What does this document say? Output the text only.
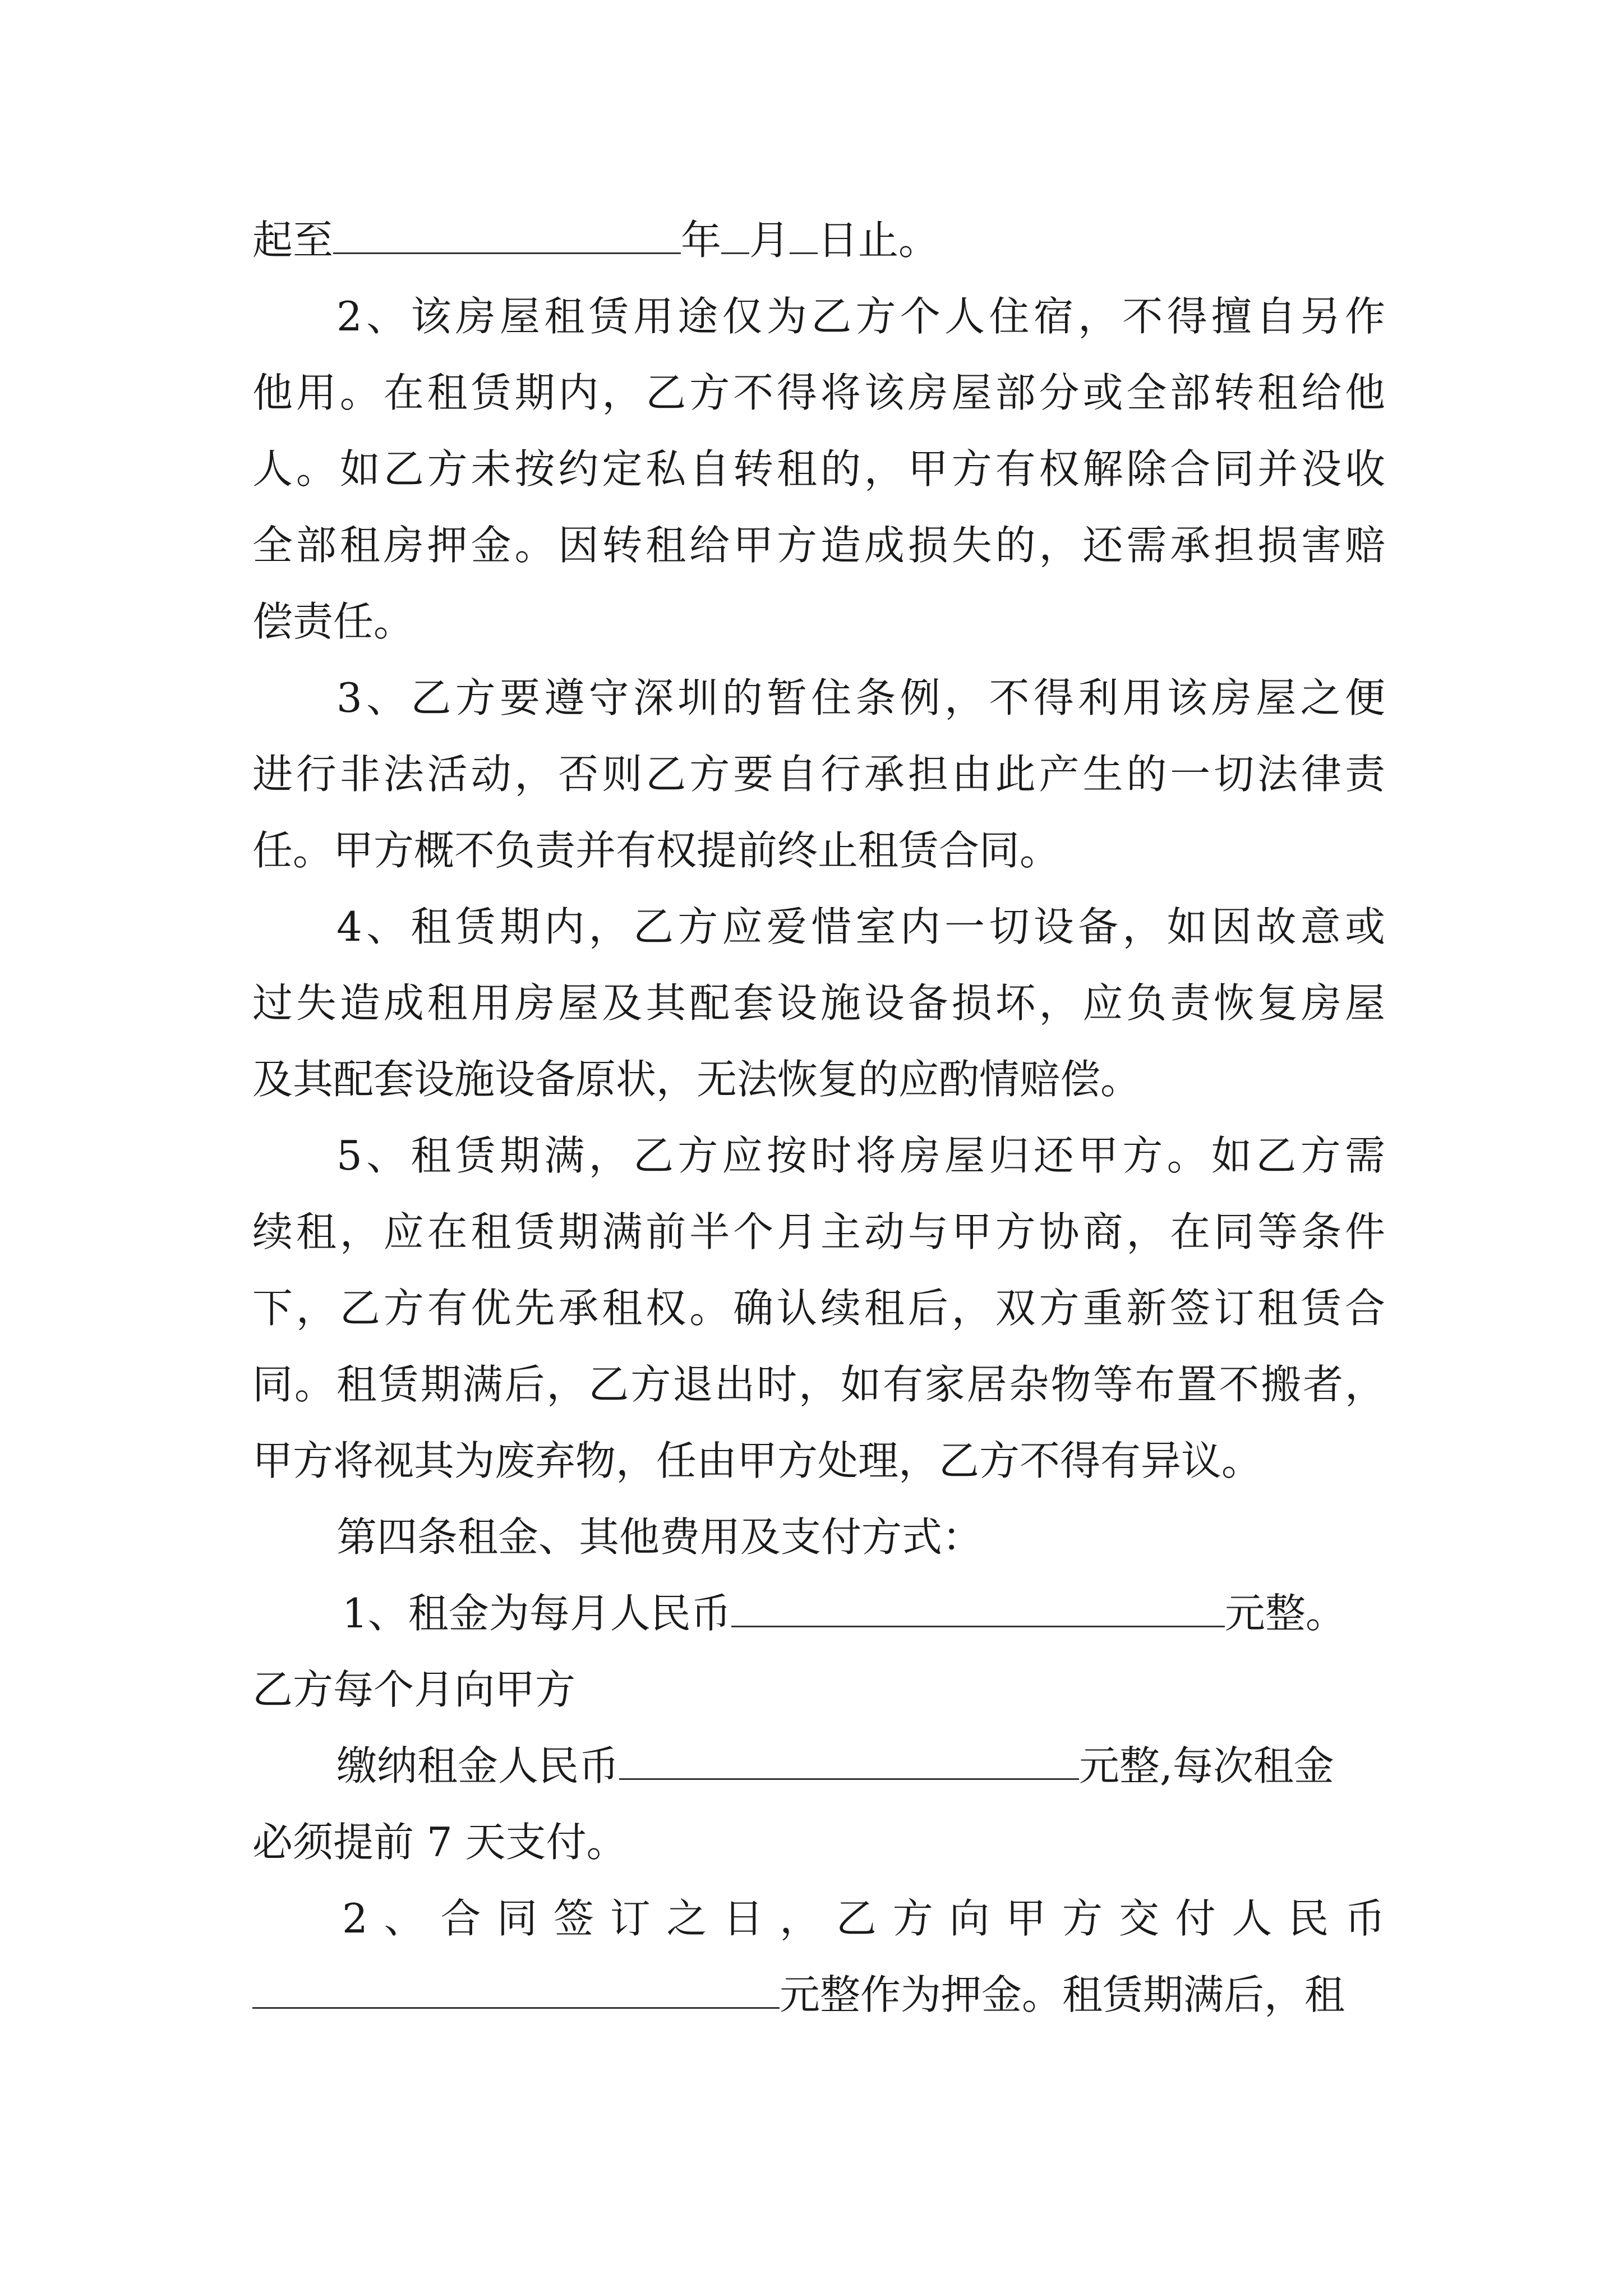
起至	年 月 日止。
2、该房屋租赁用途仅为乙方个人住宿，不得擅自另作
他用。在租赁期内，乙方不得将该房屋部分或全部转租给他
人。如乙方未按约定私自转租的，甲方有权解除合同并没收
全部租房押金。因转租给甲方造成损失的，还需承担损害赔
偿责任。
3、乙方要遵守深圳的暂住条例，不得利用该房屋之便
进行非法活动，否则乙方要自行承担由此产生的一切法律责
任。甲方概不负责并有权提前终止租赁合同。
4、租赁期内，乙方应爱惜室内一切设备，如因故意或
过失造成租用房屋及其配套设施设备损坏，应负责恢复房屋
及其配套设施设备原状，无法恢复的应酌情赔偿。
5、租赁期满，乙方应按时将房屋归还甲方。如乙方需
续租，应在租赁期满前半个月主动与甲方协商，在同等条件
下，乙方有优先承租权。确认续租后，双方重新签订租赁合
同。租赁期满后，乙方退出时，如有家居杂物等布置不搬者，
甲方将视其为废弃物，任由甲方处理，乙方不得有异议。
第四条租金、其他费用及支付方式：
1、租金为每月人民币	元整。
乙方每个月向甲方
缴纳租金人民币	元整,每次租金
必须提前 7 天支付。
2、合同签订之日，乙方向甲方交付人民币
元整作为押金。租赁期满后，租
